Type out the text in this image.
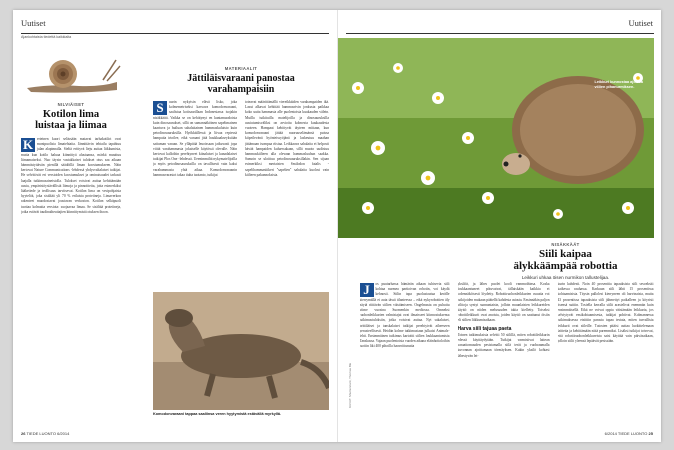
Uutiset
Ajankohtaista tiedettä kaikkialta
NILVIÄISET
Kotilon lima
luistaa ja liimaa
K	erteinen kuori selässään matavat tarhakotilot ovat monipuolisia limatehtaita. Jännittävin tehtailu tapahtuu jalan alapinnalla. Sieltä erittyvä lieju auttaa liikkumista, mutta kun kotilo haluaa kiinnittyä alustaansa, märkä muuttuu liimamaiseksi. Nuo täysin vastakkaiset tulokset otus saa aikaan hämmästyttävän pienillä säädöillä liman koostumukseen. Näin kertovat Nature Communications -lehdessä yhdysvaltalaiset tutkijat. He selvittivät eri versioiden koostumukset ja ominaisuudet tarkasti laajalla tutkimusaineistolla. Tulokset voisivat auttaa kehittämään uusia, ympäristöystävällisiä liimoja ja pinnoitteita, joita esimerkiksi lääketiede ja teollisuus tarvitsevat. Kotilon lima on vesipohjaista hyytelöä, joka sisältää yli 70 % erilaisia proteiineja. Limaverkon rakenteet muodostavat joustavan verkoston. Kotilon selkäpuoli tuottaa kolmatta versiota: suojaavaa limaa. Se sisältää proteiineja, jotka estävät taudinaiheuttajien kiinnittymistä otuksen ihoon.
MATERIAALIT
Jättiläisvaraani panostaa
varahampaisiin
S	uurin nykyisin elävä lisko, joka kolmemetriseksi kasvava komodonvaraani, saalistaa kotisaarillaan Indonesiassa isojakin nisäkkäitä. Vaikka se on kehittynyt en kantamuodoista kuin dinosaurukset, sillä on samannäköinen sapelimainen kaartuva ja huiluan sahalaitainen hammaskuluisto kuin petodinosauruksilla. Hyökkäillessä ja liivaa repiessä hampaita irtoilee, eikä varaani jätä haukkaakseyksiään sattuman varaan. Se ylläpitää leuoissaan jatkuvasti jopa viittä varahammasta jokaiselle käytössä olevalle. Näin kertovat kalloihin perehtyneet kiinalaiset ja kanadalaiset tutkijat Plos One -lehdessä. Ueenimmiltä nykymatelijoilla ja myös petodinosauruksilla on tavallisesti vain kaksi varahammasta yhtä aikaa. Komodonvaraanin hammasvarastot takaa tiuha tuotanto, tutkijat
toteavat määrittämällä viereikkäiden varahampaiden ikä. Lasut alkavat kehittää hammasrivin jonkusta paikkaa koko uutta hammasta alle puolentoista kuukauden välein. Muilla tutkituilla matelijoilla ja dinosauruksilla uusiutumisväliksi on arvioitu kolmesta kuukaudesta vuoteen. Hampaat kehittyvät täyteen mittaan, kun komodonvaraani jättää nuoruuselämänsä puissa kiipeilevänä hyönteissyöjänä ja laskeutuu maahan jättämaan isompaa riistaa. Leikkaava sahalaita ei helposti hävää hampaiden kuluessakaan, sillä muoto uudistuu hammaskiilteen alla olevaan hammasluuhun saakka. Samoin se uloittuu petodinosauruksillakin. Sen sijaan esimerkiksi meriaisten Smilodon fatalis -sapelihammastiikeri "sapelien" sahalaita kuolosi vain kiilteen pakunnoksista.
Komodonvaraani tappaa saaliinsa veren hyytymistä estävällä myrkyllä.
26 TIEDE LUONTO 6/2014
Uutiset
Leikkuri kunnostaa ajoissa villien pihanurmiksen.
NISÄKKÄÄT
Siili kaipaa
älykkäämpää robottia
Leikkuri uhkaa öisen nurmikon tallustelijaa.
KUVAT: Shutterstock, Thomas Ble
J	os puutarhassa hämärän aikaan tuhisevia siili kohtaa nurmea partioivan robotin, voi käydä kehnosti. Siilin tapa puolustautua kerälle kierrymällä ei auta tässä tilanteessa – eikä nykyrobottien äly näytä riittävän siilien väistämiseen. Ongelmasta on puhuttu viime vuosina Suomenkin mediossa. Omneksi ruohonleikkurien valmistajat ovat ilmaisseet kiinnostuksensa tutkimustuloksiin, jotka voisivat auttaa. Nyt sakalaiset, brittiläiset ja tanskalaiset tutkijat perehtyivät aiheeseen perusteellisesti. Heidän kolme tutkimustaan julkaisi Animals-lehti. Ensimmäinen tutkimus kartoitti siilien loukkaantumisia Tanskassa. Vajaan puolentoista vuoden aikana eläinhoitoloihin tuotiin liki 400 pihoilla haavoittunutta
yksilöä, ja lähes puolet kooli vammoihinsa. Koska loukkaantuneet pöiuvatvat, tällaiskään kaikkia ei todennäköisesti löydetty. Robottiruohonleikkurien osuutta voi tutkijoiden mukaan päätellä kahdesta asiasta. Ensinnäkin paljon vilttoja syntyi sunnuntaisin, jolloin muunlaisten leikkureiden käyttö on niiden melusuuden takia kielletty. Toiseksi robottileikkurit ovat anoista, joiden käyttö on saattunut öisiin eli siilien liikkumisaikaan.
Harva siili tajuaa paeta
Toinen tutkimuksista selvitti 50 siilillä, miten robottileikkurin edessä käyttäydytään. Tutkijat varmistivat lattean varaattomuuden pesistamalla siilä terät ja vuohraamalla kuvonnan ajoittamaan törmäyksen. Kukin yksilö kohtasi lähestyvän lei-
kurin kahdesti. Noin 40 prosenttia tapauksista siili sesoeksiti kaikessa rauhassa. Karkuun siili lähti 15 prosentissa kohtaamisista. Täysin pallolesi kierryneen oli harvinaista, mutta 43 prosentissa tapauksista siili jähmettyi paikalleen ja köyristi itsensä suttiin. Tosiella kerralla siilit arastelivat enemmän kuin ensimmäisellä. Eikä ne voivat oppia väistämään leikkuria, jos selviytyvät ensikohtaamisesta, tutkijat pohtivat. Kolmannessa tutkimuksessa etsittiin parasta tapaa testata, miten turvallisia leikkurit ovat siileille. Tutosten pitäisi auttaa luokittelemaan laitteita ja kehittämään niitä paremmiksi. Lisäksi tutkijat toivovat, että robottiruohonleikkureista saisi käyttää vain päiväsaikaan, jolloin siilit yleensä lepäävät pesissään.
6/2014 TIEDE LUONTO 25
